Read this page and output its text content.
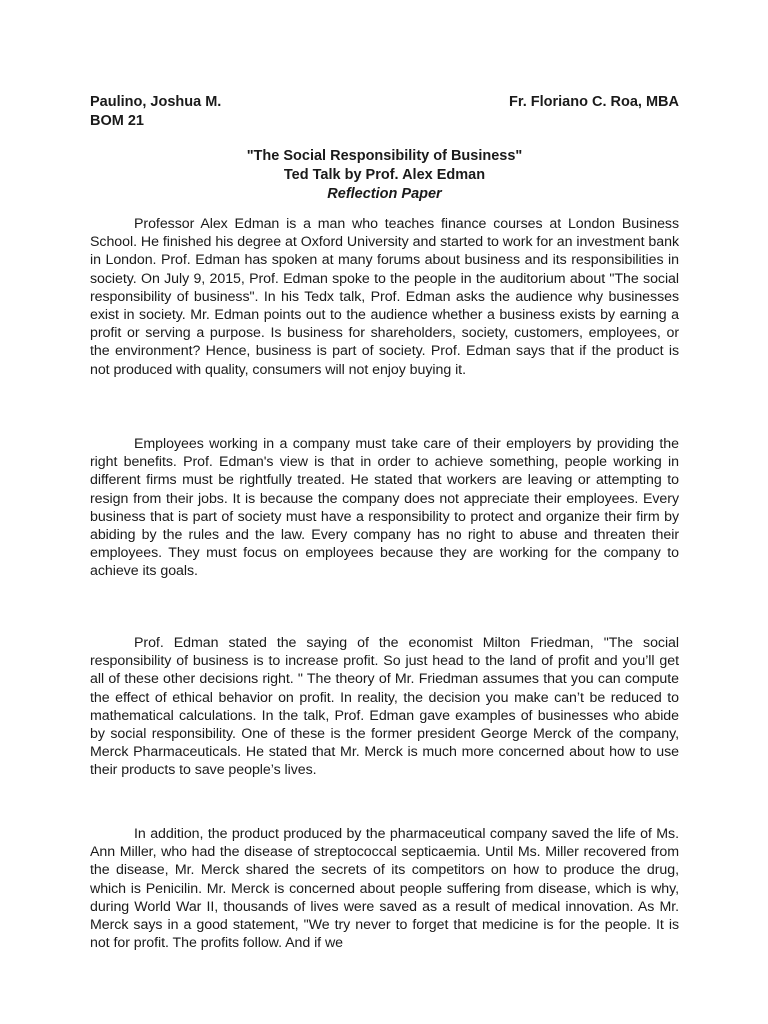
Paulino, Joshua M.	Fr. Floriano C. Roa, MBA
BOM 21
"The Social Responsibility of Business"
Ted Talk by Prof. Alex Edman
Reflection Paper

Professor Alex Edman is a man who teaches finance courses at London Business School. He finished his degree at Oxford University and started to work for an investment bank in London. Prof. Edman has spoken at many forums about business and its responsibilities in society. On July 9, 2015, Prof. Edman spoke to the people in the auditorium about "The social responsibility of business". In his Tedx talk, Prof. Edman asks the audience why businesses exist in society. Mr. Edman points out to the audience whether a business exists by earning a profit or serving a purpose. Is business for shareholders, society, customers, employees, or the environment? Hence, business is part of society. Prof. Edman says that if the product is not produced with quality, consumers will not enjoy buying it.

Employees working in a company must take care of their employers by providing the right benefits. Prof. Edman's view is that in order to achieve something, people working in different firms must be rightfully treated. He stated that workers are leaving or attempting to resign from their jobs. It is because the company does not appreciate their employees. Every business that is part of society must have a responsibility to protect and organize their firm by abiding by the rules and the law. Every company has no right to abuse and threaten their employees. They must focus on employees because they are working for the company to achieve its goals.

Prof. Edman stated the saying of the economist Milton Friedman, "The social responsibility of business is to increase profit. So just head to the land of profit and you’ll get all of these other decisions right. " The theory of Mr. Friedman assumes that you can compute the effect of ethical behavior on profit. In reality, the decision you make can’t be reduced to mathematical calculations. In the talk, Prof. Edman gave examples of businesses who abide by social responsibility. One of these is the former president George Merck of the company, Merck Pharmaceuticals. He stated that Mr. Merck is much more concerned about how to use their products to save people’s lives.

In addition, the product produced by the pharmaceutical company saved the life of Ms. Ann Miller, who had the disease of streptococcal septicaemia. Until Ms. Miller recovered from the disease, Mr. Merck shared the secrets of its competitors on how to produce the drug, which is Penicilin. Mr. Merck is concerned about people suffering from disease, which is why, during World War II, thousands of lives were saved as a result of medical innovation. As Mr. Merck says in a good statement, "We try never to forget that medicine is for the people. It is not for profit. The profits follow. And if we
